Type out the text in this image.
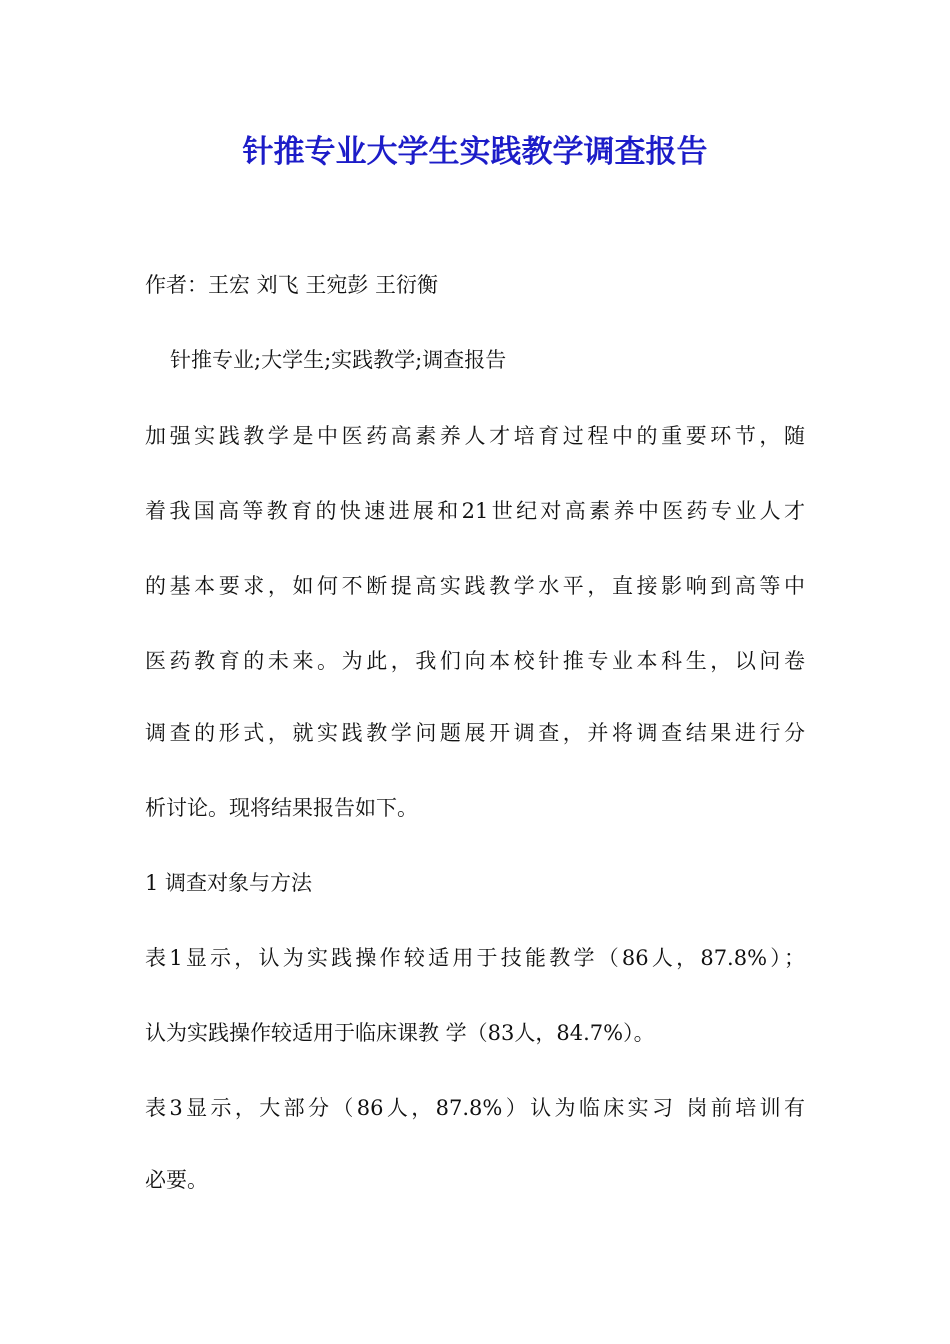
针推专业大学生实践教学调查报告
作者：王宏 刘飞 王宛彭 王衍衡
针推专业;大学生;实践教学;调查报告
加强实践教学是中医药高素养人才培育过程中的重要环节，随
着我国高等教育的快速进展和21世纪对高素养中医药专业人才
的基本要求，如何不断提高实践教学水平，直接影响到高等中
医药教育的未来。为此，我们向本校针推专业本科生，以问卷
调查的形式，就实践教学问题展开调查，并将调查结果进行分
析讨论。现将结果报告如下。
1 调查对象与方法
表1显示，认为实践操作较适用于技能教学（86人，87.8%）；
认为实践操作较适用于临床课教 学（83人，84.7%）。
表3显示，大部分（86人，87.8%）认为临床实习 岗前培训有
必要。
